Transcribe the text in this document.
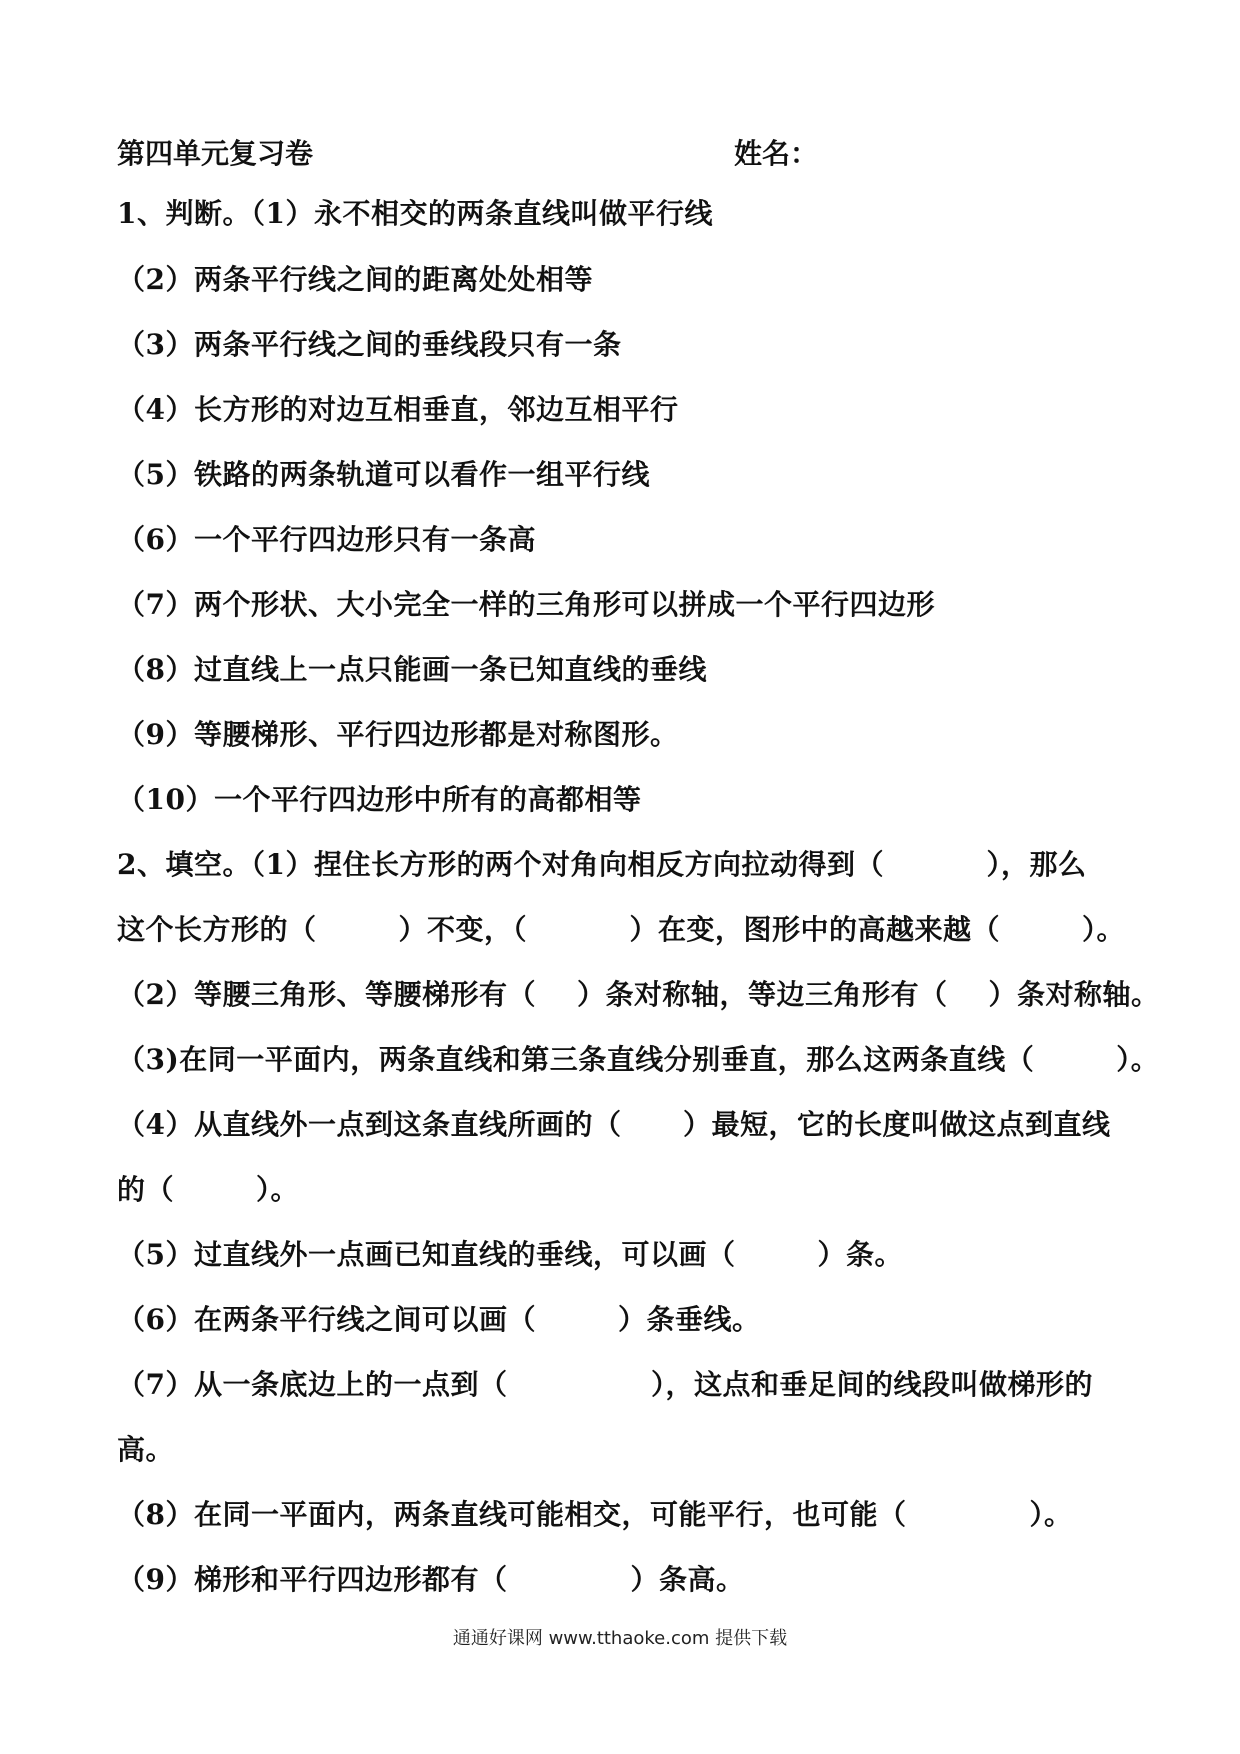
第四单元复习卷	姓名：
1、判断。（1）永不相交的两条直线叫做平行线
（2）两条平行线之间的距离处处相等
（3）两条平行线之间的垂线段只有一条
（4）长方形的对边互相垂直，邻边互相平行
（5）铁路的两条轨道可以看作一组平行线
（6）一个平行四边形只有一条高
（7）两个形状、大小完全一样的三角形可以拼成一个平行四边形
（8）过直线上一点只能画一条已知直线的垂线
（9）等腰梯形、平行四边形都是对称图形。
（10）一个平行四边形中所有的高都相等
2、填空。（1）捏住长方形的两个对角向相反方向拉动得到（          ），那么
这个长方形的（        ）不变，（          ）在变，图形中的高越来越（        ）。
（2）等腰三角形、等腰梯形有（    ）条对称轴，等边三角形有（    ）条对称轴。
（3)在同一平面内，两条直线和第三条直线分别垂直，那么这两条直线（        ）。
（4）从直线外一点到这条直线所画的（      ）最短，它的长度叫做这点到直线
的（        ）。
（5）过直线外一点画已知直线的垂线，可以画（        ）条。
（6）在两条平行线之间可以画（        ）条垂线。
（7）从一条底边上的一点到（              ），这点和垂足间的线段叫做梯形的
高。
（8）在同一平面内，两条直线可能相交，可能平行，也可能（            ）。
（9）梯形和平行四边形都有（            ）条高。
通通好课网 www.tthaoke.com 提供下载
